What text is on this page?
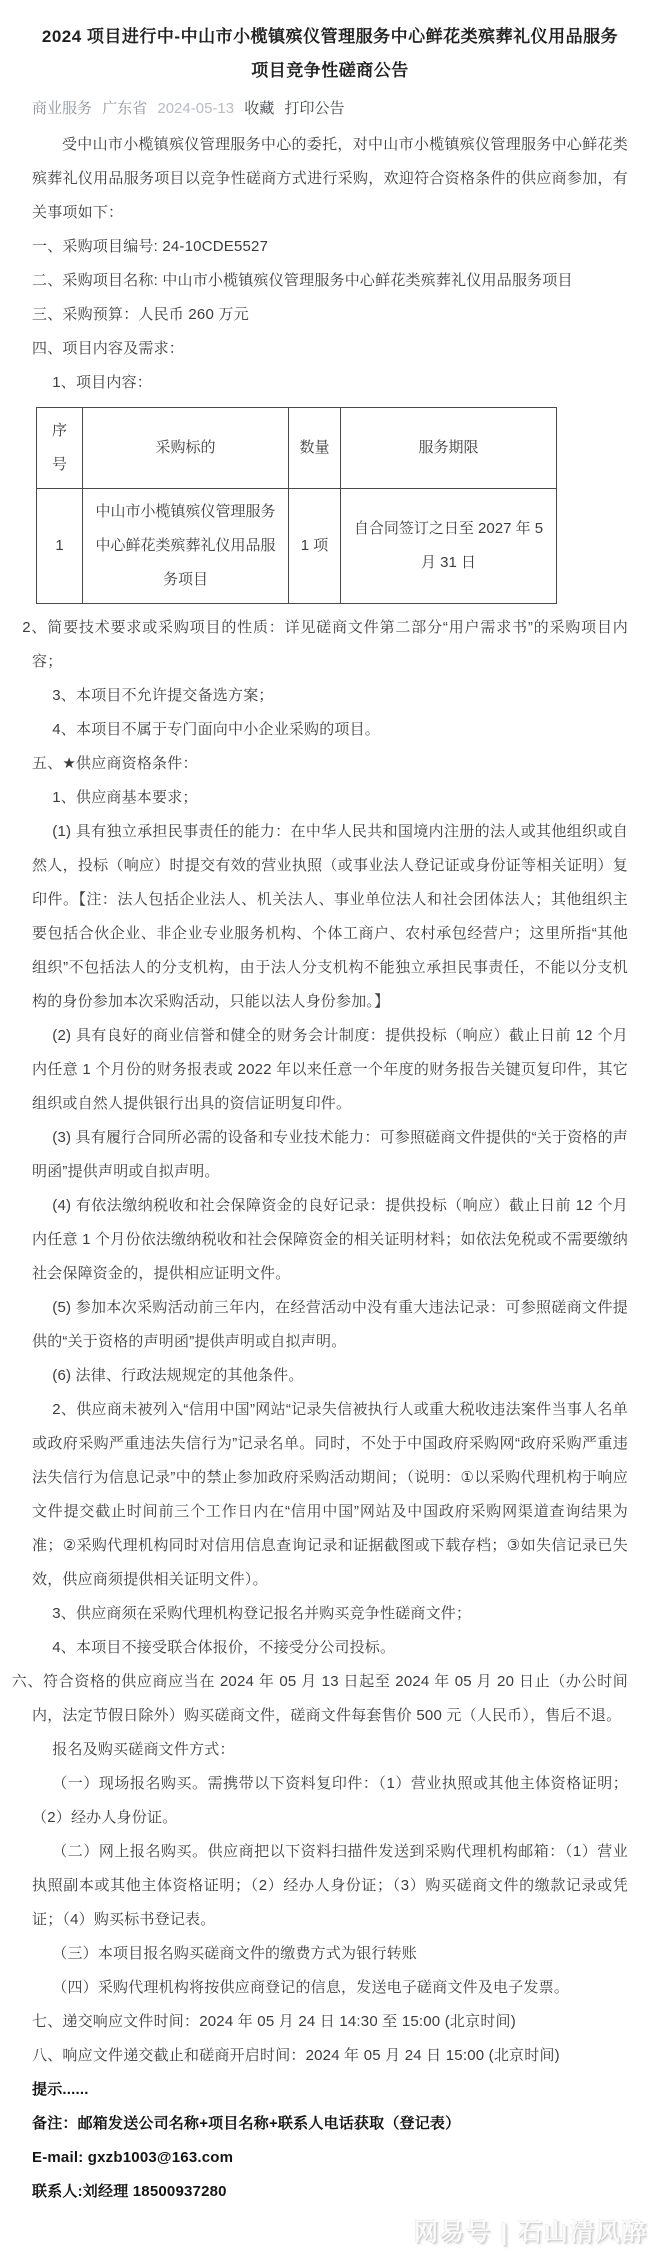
2024 项目进行中-中山市小榄镇殡仪管理服务中心鲜花类殡葬礼仪用品服务项目竞争性磋商公告
商业服务 广东省 2024-05-13 收藏 打印公告

受中山市小榄镇殡仪管理服务中心的委托，对中山市小榄镇殡仪管理服务中心鲜花类殡葬礼仪用品服务项目以竞争性磋商方式进行采购，欢迎符合资格条件的供应商参加，有关事项如下：

一、采购项目编号: 24-10CDE5527

二、采购项目名称: 中山市小榄镇殡仪管理服务中心鲜花类殡葬礼仪用品服务项目

三、采购预算：人民币 260 万元

四、项目内容及需求：

1、项目内容：

序号	采购标的	数量	服务期限
1	中山市小榄镇殡仪管理服务中心鲜花类殡葬礼仪用品服务项目	1 项	自合同签订之日至 2027 年 5 月 31 日

2、简要技术要求或采购项目的性质：详见磋商文件第二部分“用户需求书”的采购项目内容；

3、本项目不允许提交备选方案；

4、本项目不属于专门面向中小企业采购的项目。

五、★供应商资格条件：

1、供应商基本要求；

(1) 具有独立承担民事责任的能力：在中华人民共和国境内注册的法人或其他组织或自然人，投标（响应）时提交有效的营业执照（或事业法人登记证或身份证等相关证明）复印件。【注：法人包括企业法人、机关法人、事业单位法人和社会团体法人；其他组织主要包括合伙企业、非企业专业服务机构、个体工商户、农村承包经营户；这里所指“其他组织”不包括法人的分支机构，由于法人分支机构不能独立承担民事责任，不能以分支机构的身份参加本次采购活动，只能以法人身份参加。】

(2) 具有良好的商业信誉和健全的财务会计制度：提供投标（响应）截止日前 12 个月内任意 1 个月份的财务报表或 2022 年以来任意一个年度的财务报告关键页复印件，其它组织或自然人提供银行出具的资信证明复印件。

(3) 具有履行合同所必需的设备和专业技术能力：可参照磋商文件提供的“关于资格的声明函”提供声明或自拟声明。

(4) 有依法缴纳税收和社会保障资金的良好记录：提供投标（响应）截止日前 12 个月内任意 1 个月份依法缴纳税收和社会保障资金的相关证明材料；如依法免税或不需要缴纳社会保障资金的，提供相应证明文件。

(5) 参加本次采购活动前三年内，在经营活动中没有重大违法记录：可参照磋商文件提供的“关于资格的声明函”提供声明或自拟声明。

(6) 法律、行政法规规定的其他条件。

2、供应商未被列入“信用中国”网站“记录失信被执行人或重大税收违法案件当事人名单或政府采购严重违法失信行为”记录名单。同时，不处于中国政府采购网“政府采购严重违法失信行为信息记录”中的禁止参加政府采购活动期间；（说明：①以采购代理机构于响应文件提交截止时间前三个工作日内在“信用中国”网站及中国政府采购网渠道查询结果为准；②采购代理机构同时对信用信息查询记录和证据截图或下载存档；③如失信记录已失效，供应商须提供相关证明文件）。

3、供应商须在采购代理机构登记报名并购买竞争性磋商文件；

4、本项目不接受联合体报价，不接受分公司投标。

六、符合资格的供应商应当在 2024 年 05 月 13 日起至 2024 年 05 月 20 日止（办公时间内，法定节假日除外）购买磋商文件，磋商文件每套售价 500 元（人民币），售后不退。

报名及购买磋商文件方式：

（一）现场报名购买。需携带以下资料复印件：（1）营业执照或其他主体资格证明；（2）经办人身份证。

（二）网上报名购买。供应商把以下资料扫描件发送到采购代理机构邮箱：（1）营业执照副本或其他主体资格证明；（2）经办人身份证；（3）购买磋商文件的缴款记录或凭证；（4）购买标书登记表。

（三）本项目报名购买磋商文件的缴费方式为银行转账

（四）采购代理机构将按供应商登记的信息，发送电子磋商文件及电子发票。

七、递交响应文件时间：2024 年 05 月 24 日 14:30 至 15:00 (北京时间)

八、响应文件递交截止和磋商开启时间：2024 年 05 月 24 日 15:00 (北京时间)

提示......

备注：邮箱发送公司名称+项目名称+联系人电话获取（登记表）

E-mail: gxzb1003@163.com

联系人:刘经理 18500937280

网易号 | 石山清风醉
